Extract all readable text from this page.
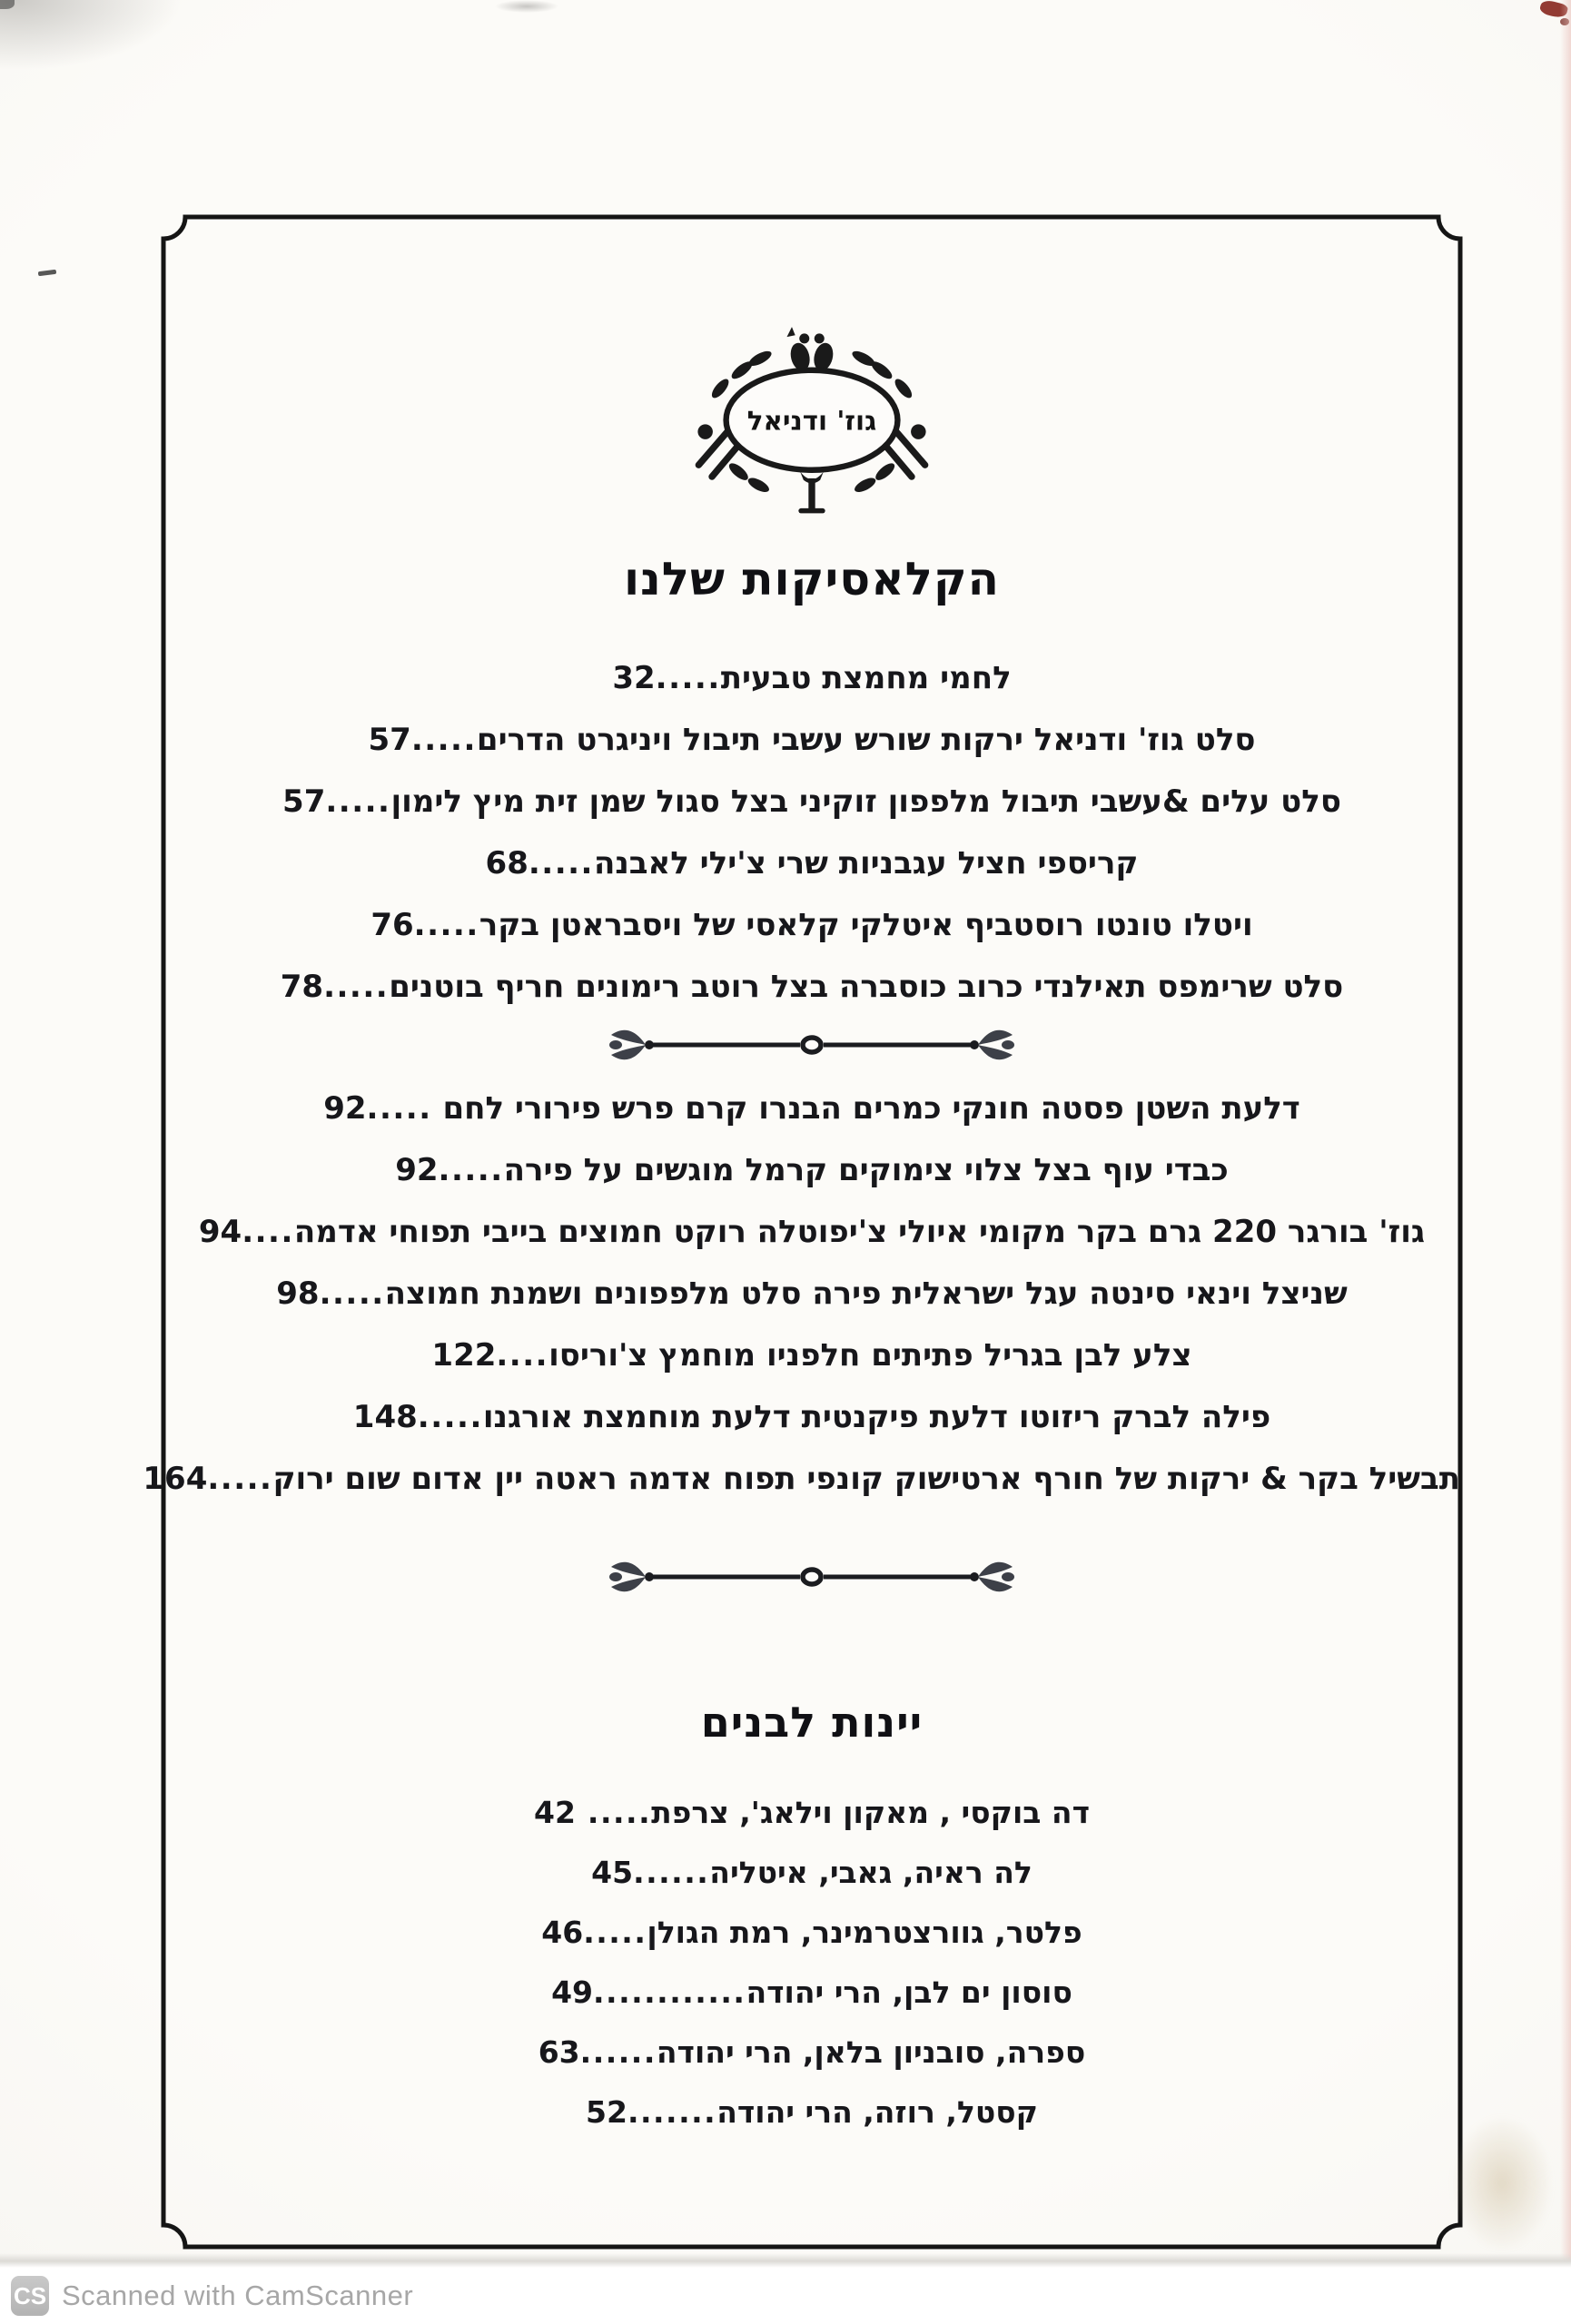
גוז' ודניאל
הקלאסיקות שלנו
לחמי מחמצת טבעית.....32
סלט גוז' ודניאל ירקות שורש עשבי תיבול ויניגרט הדרים.....57
סלט עלים &עשבי תיבול מלפפון זוקיני בצל סגול שמן זית מיץ לימון.....57
קריספי חציל עגבניות שרי צ'ילי לאבנה.....68
ויטלו טונטו רוסטביף איטלקי קלאסי של ויסבראטן בקר.....76
סלט שרימפס תאילנדי כרוב כוסברה בצל רוטב רימונים חריף בוטנים.....78
דלעת השטן פסטה חונקי כמרים הבנרו קרם פרש פירורי לחם .....92
כבדי עוף בצל צלוי צימוקים קרמל מוגשים על פירה.....92
גוז' בורגר 220 גרם בקר מקומי איולי צ'יפוטלה רוקט חמוצים בייבי תפוחי אדמה....94
שניצל וינאי סינטה עגל ישראלית פירה סלט מלפפונים ושמנת חמוצה.....98
צלע לבן בגריל פתיתים חלפניו מוחמץ צ'וריסו....122
פילה לברק ריזוטו דלעת פיקנטית דלעת מוחמצת אורגנו.....148
תבשיל בקר & ירקות של חורף ארטישוק קונפי תפוח אדמה ראטה יין אדום שום ירוק.....164
יינות לבנים
דה בוקסי , מאקון וילאג', צרפת..... 42
לה ראיה, גאבי, איטליה......45
פלטר, גוורצטרמינר, רמת הגולן.....46
סוסון ים לבן, הרי יהודה............49
ספרה, סובניון בלאן, הרי יהודה......63
קסטל, רוזה, הרי יהודה.......52
CS Scanned with CamScanner
